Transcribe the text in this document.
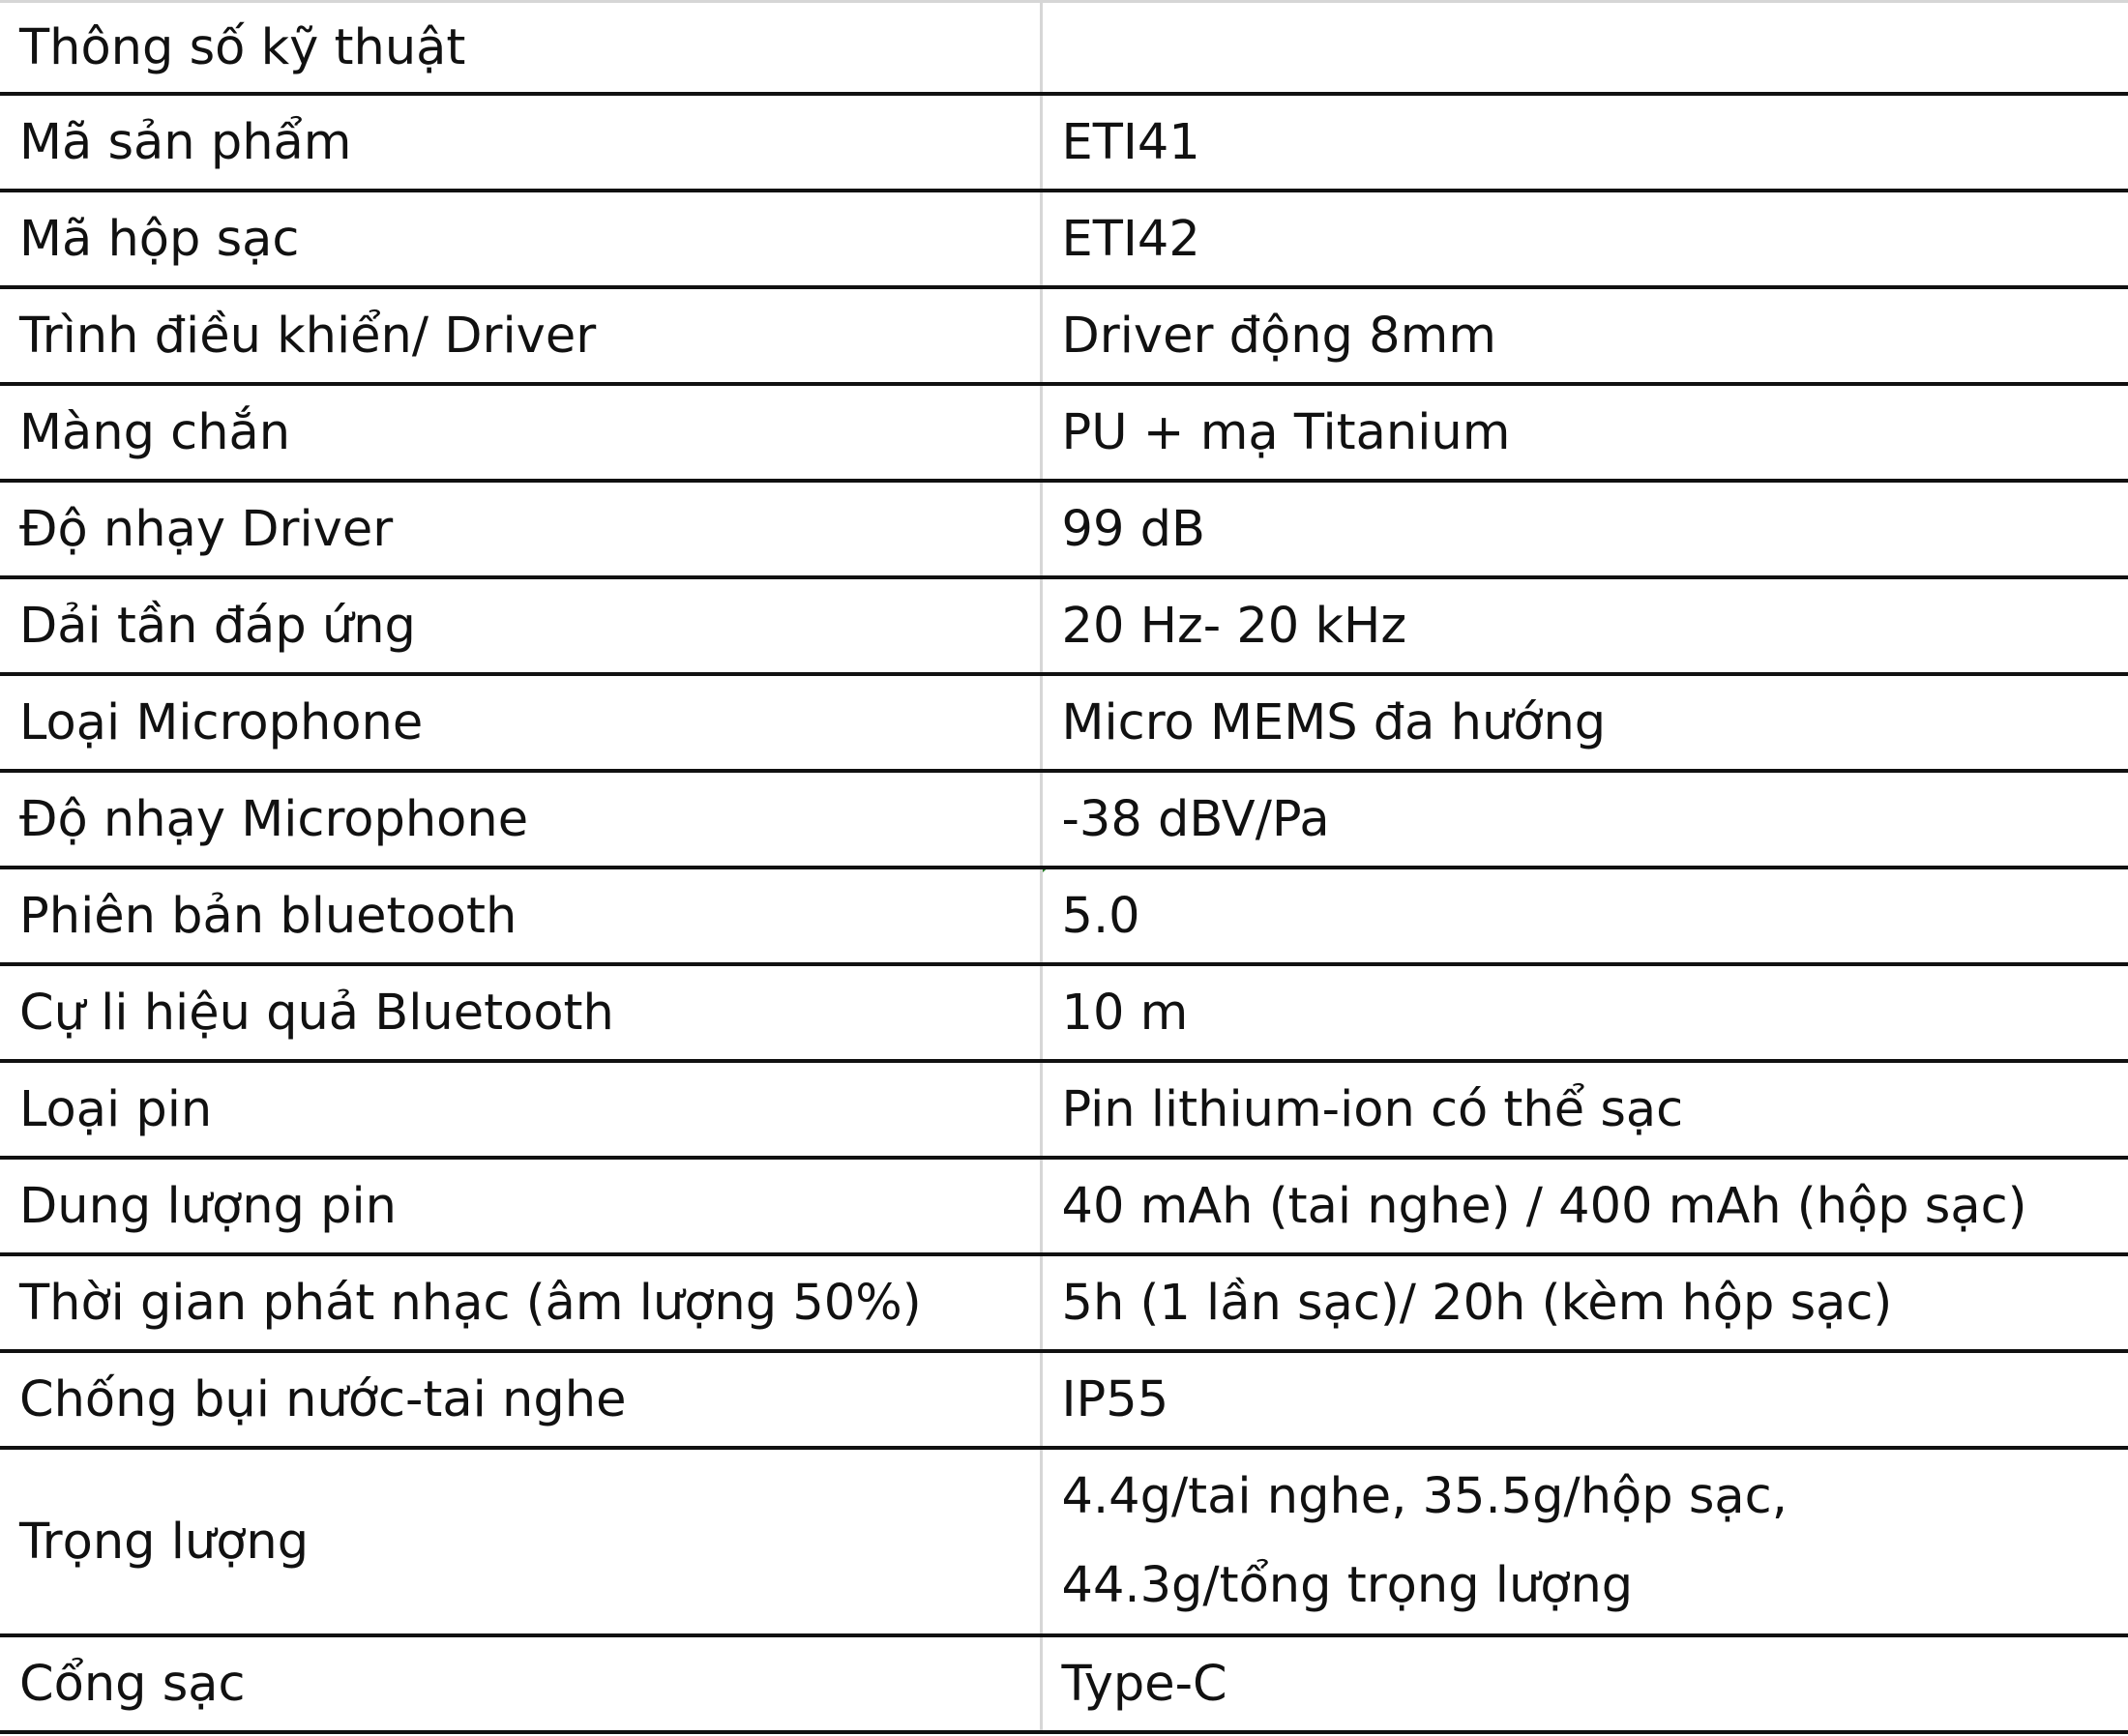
Thông số kỹ thuật	
Mã sản phẩm	ETI41
Mã hộp sạc	ETI42
Trình điều khiển/ Driver	Driver động 8mm
Màng chắn	PU + mạ Titanium
Độ nhạy Driver	99 dB
Dải tần đáp ứng	20 Hz- 20 kHz
Loại Microphone	Micro MEMS đa hướng
Độ nhạy Microphone	-38 dBV/Pa
Phiên bản bluetooth	5.0

Cự li hiệu quả Bluetooth	10 m
Loại pin	Pin lithium-ion có thể sạc
Dung lượng pin	40 mAh (tai nghe) / 400 mAh (hộp sạc)
Thời gian phát nhạc (âm lượng 50%)	5h (1 lần sạc)/ 20h (kèm hộp sạc)
Chống bụi nước-tai nghe	IP55
Trọng lượng	4.4g/tai nghe, 35.5g/hộp sạc,
44.3g/tổng trọng lượng

Cổng sạc	Type-C
